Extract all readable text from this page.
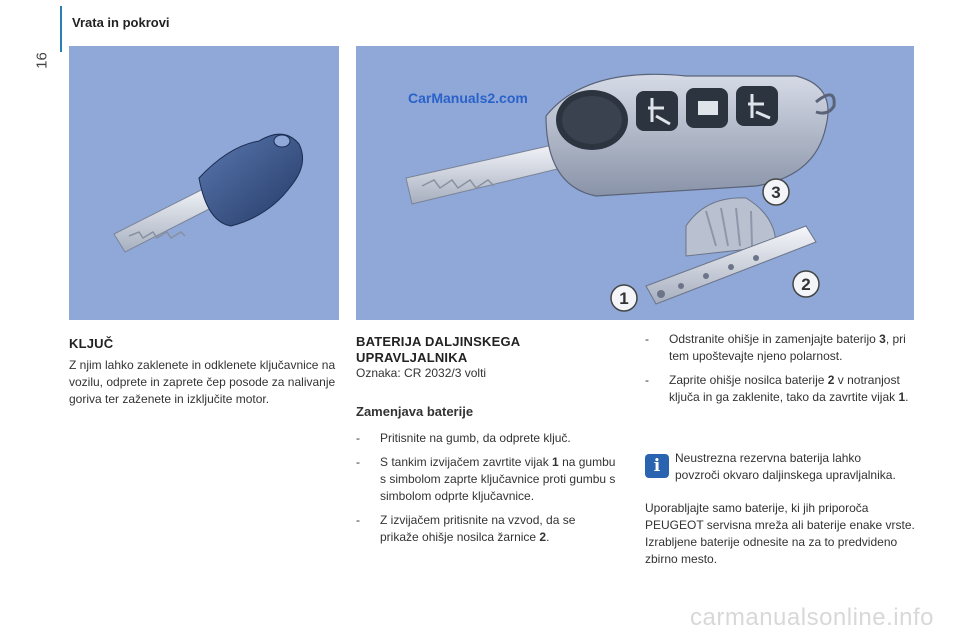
Vrata in pokrovi
16
CarManuals2.com
3
2
1
KLJUČ

Z njim lahko zaklenete in odklenete ključavnice na vozilu, odprete in zaprete čep posode za nalivanje goriva ter zaženete in izključite motor.

BATERIJA DALJINSKEGA UPRAVLJALNIKA

Oznaka: CR 2032/3 volti

Zamenjava baterije
- Pritisnite na gumb, da odprete ključ.
- S tankim izvijačem zavrtite vijak 1 na gumbu s simbolom zaprte ključavnice proti gumbu s simbolom odprte ključavnice.
- Z izvijačem pritisnite na vzvod, da se prikaže ohišje nosilca žarnice 2.
- Odstranite ohišje in zamenjajte baterijo 3, pri tem upoštevajte njeno polarnost.
- Zaprite ohišje nosilca baterije 2 v notranjost ključa in ga zaklenite, tako da zavrtite vijak 1.
i	Neustrezna rezervna baterija lahko povzroči okvaro daljinskega upravljalnika.

Uporabljajte samo baterije, ki jih priporoča PEUGEOT servisna mreža ali baterije enake vrste. Izrabljene baterije odnesite na za to predvideno zbirno mesto.

carmanualsonline.info
